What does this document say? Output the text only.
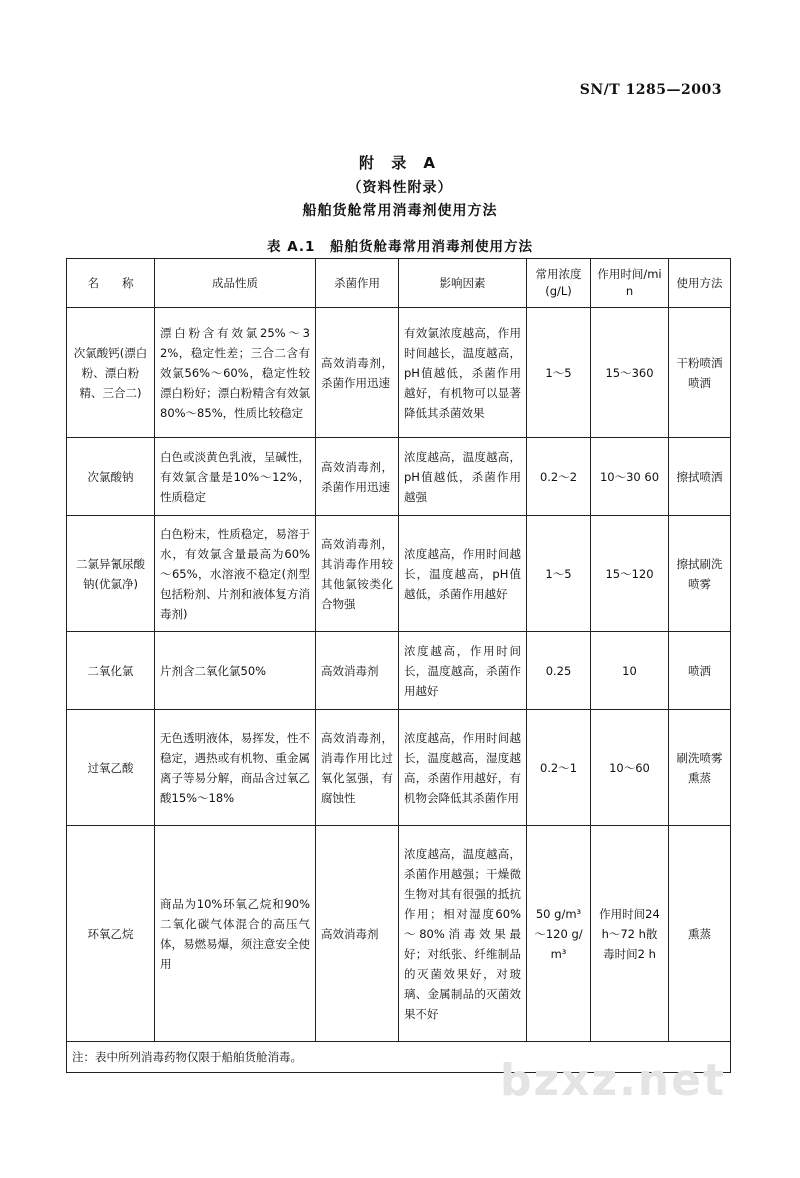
SN/T 1285—2003
附 录 A
（资料性附录）
船舶货舱常用消毒剂使用方法
表 A.1　船舶货舱毒常用消毒剂使用方法
名　　称	成品性质	杀菌作用	影响因素	常用浓度(g/L)	作用时间/min	使用方法
次氯酸钙(漂白粉、漂白粉精、三合二)	漂白粉含有效氯25%～32%，稳定性差；三合二含有效氯56%～60%，稳定性较漂白粉好；漂白粉精含有效氯80%～85%，性质比较稳定	高效消毒剂，杀菌作用迅速	有效氯浓度越高，作用时间越长，温度越高，pH值越低，杀菌作用越好，有机物可以显著降低其杀菌效果	1～5	15～360	干粉喷洒喷洒
次氯酸钠	白色或淡黄色乳液，呈碱性，有效氯含量是10%～12%，性质稳定	高效消毒剂，杀菌作用迅速	浓度越高，温度越高，pH值越低，杀菌作用越强	0.2～2	10～30 60	擦拭喷洒
二氯异氰尿酸钠(优氯净)	白色粉末，性质稳定，易溶于水，有效氯含量最高为60%～65%，水溶液不稳定(剂型包括粉剂、片剂和液体复方消毒剂)	高效消毒剂，其消毒作用较其他氯铵类化合物强	浓度越高，作用时间越长，温度越高，pH值越低，杀菌作用越好	1～5	15～120	擦拭刷洗喷雾
二氧化氯	片剂含二氧化氯50%	高效消毒剂	浓度越高，作用时间长，温度越高，杀菌作用越好	0.25	10	喷洒
过氧乙酸	无色透明液体，易挥发，性不稳定，遇热或有机物、重金属离子等易分解，商品含过氧乙酸15%～18%	高效消毒剂，消毒作用比过氧化氢强，有腐蚀性	浓度越高，作用时间越长，温度越高，湿度越高，杀菌作用越好，有机物会降低其杀菌作用	0.2～1	10～60	刷洗喷雾熏蒸
环氧乙烷	商品为10%环氧乙烷和90%二氧化碳气体混合的高压气体，易燃易爆，须注意安全使用	高效消毒剂	浓度越高，温度越高，杀菌作用越强；干燥微生物对其有很强的抵抗作用；相对湿度60%～80%消毒效果最好；对纸张、纤维制品的灭菌效果好，对玻璃、金属制品的灭菌效果不好	50 g/m³～120 g/m³	作用时间24 h～72 h散毒时间2 h	熏蒸
注：表中所列消毒药物仅限于船舶货舱消毒。							bzxz.net
